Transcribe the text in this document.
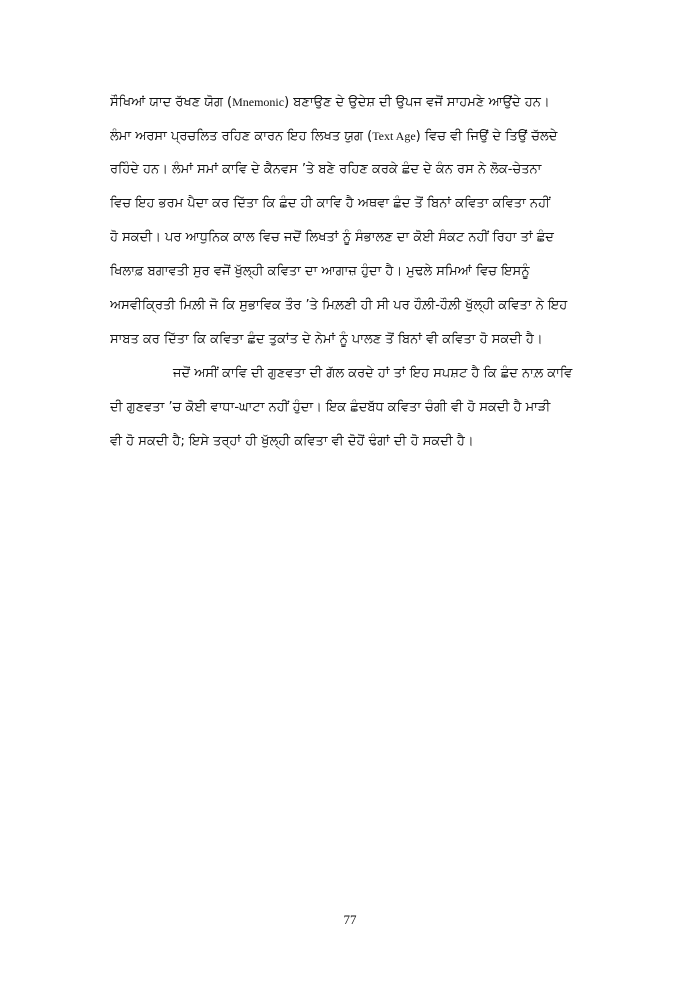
ਸੌਖਿਆਂ ਯਾਦ ਰੱਖਣ ਯੋਗ (Mnemonic) ਬਣਾਉਣ ਦੇ ਉਦੇਸ਼ ਦੀ ਉਪਜ ਵਜੋਂ ਸਾਹਮਣੇ ਆਉਂਦੇ ਹਨ।
ਲੰਮਾ ਅਰਸਾ ਪ੍ਰਚਲਿਤ ਰਹਿਣ ਕਾਰਨ ਇਹ ਲਿਖਤ ਯੁਗ (Text Age) ਵਿਚ ਵੀ ਜਿਉਂ ਦੇ ਤਿਉਂ ਚੱਲਦੇ
ਰਹਿੰਦੇ ਹਨ। ਲੰਮਾਂ ਸਮਾਂ ਕਾਵਿ ਦੇ ਕੈਨਵਸ ’ਤੇ ਬਣੇ ਰਹਿਣ ਕਰਕੇ ਛੰਦ ਦੇ ਕੰਨ ਰਸ ਨੇ ਲੋਕ-ਚੇਤਨਾ
ਵਿਚ ਇਹ ਭਰਮ ਪੈਦਾ ਕਰ ਦਿੱਤਾ ਕਿ ਛੰਦ ਹੀ ਕਾਵਿ ਹੈ ਅਥਵਾ ਛੰਦ ਤੋਂ ਬਿਨਾਂ ਕਵਿਤਾ ਕਵਿਤਾ ਨਹੀਂ
ਹੋ ਸਕਦੀ। ਪਰ ਆਧੁਨਿਕ ਕਾਲ ਵਿਚ ਜਦੋਂ ਲਿਖਤਾਂ ਨੂੰ ਸੰਭਾਲਣ ਦਾ ਕੋਈ ਸੰਕਟ ਨਹੀਂ ਰਿਹਾ ਤਾਂ ਛੰਦ
ਖਿਲਾਫ਼ ਬਗਾਵਤੀ ਸੁਰ ਵਜੋਂ ਖੁੱਲ੍ਹੀ ਕਵਿਤਾ ਦਾ ਆਗਾਜ਼ ਹੁੰਦਾ ਹੈ। ਮੁਢਲੇ ਸਮਿਆਂ ਵਿਚ ਇਸਨੂੰ
ਅਸਵੀਕ੍ਰਿਤੀ ਮਿਲ਼ੀ ਜੋ ਕਿ ਸੁਭਾਵਿਕ ਤੌਰ ’ਤੇ ਮਿਲ਼ਣੀ ਹੀ ਸੀ ਪਰ ਹੌਲ਼ੀ-ਹੌਲ਼ੀ ਖੁੱਲ੍ਹੀ ਕਵਿਤਾ ਨੇ ਇਹ
ਸਾਬਤ ਕਰ ਦਿੱਤਾ ਕਿ ਕਵਿਤਾ ਛੰਦ ਤੁਕਾਂਤ ਦੇ ਨੇਮਾਂ ਨੂੰ ਪਾਲਣ ਤੋਂ ਬਿਨਾਂ ਵੀ ਕਵਿਤਾ ਹੋ ਸਕਦੀ ਹੈ।
ਜਦੋਂ ਅਸੀਂ ਕਾਵਿ ਦੀ ਗੁਣਵਤਾ ਦੀ ਗੱਲ ਕਰਦੇ ਹਾਂ ਤਾਂ ਇਹ ਸਪਸ਼ਟ ਹੈ ਕਿ ਛੰਦ ਨਾਲ਼ ਕਾਵਿ
ਦੀ ਗੁਣਵਤਾ ’ਚ ਕੋਈ ਵਾਧਾ-ਘਾਟਾ ਨਹੀਂ ਹੁੰਦਾ। ਇਕ ਛੰਦਬੱਧ ਕਵਿਤਾ ਚੰਗੀ ਵੀ ਹੋ ਸਕਦੀ ਹੈ ਮਾੜੀ
ਵੀ ਹੋ ਸਕਦੀ ਹੈ; ਇਸੇ ਤਰ੍ਹਾਂ ਹੀ ਖੁੱਲ੍ਹੀ ਕਵਿਤਾ ਵੀ ਦੋਹੋਂ ਢੰਗਾਂ ਦੀ ਹੋ ਸਕਦੀ ਹੈ।
77
